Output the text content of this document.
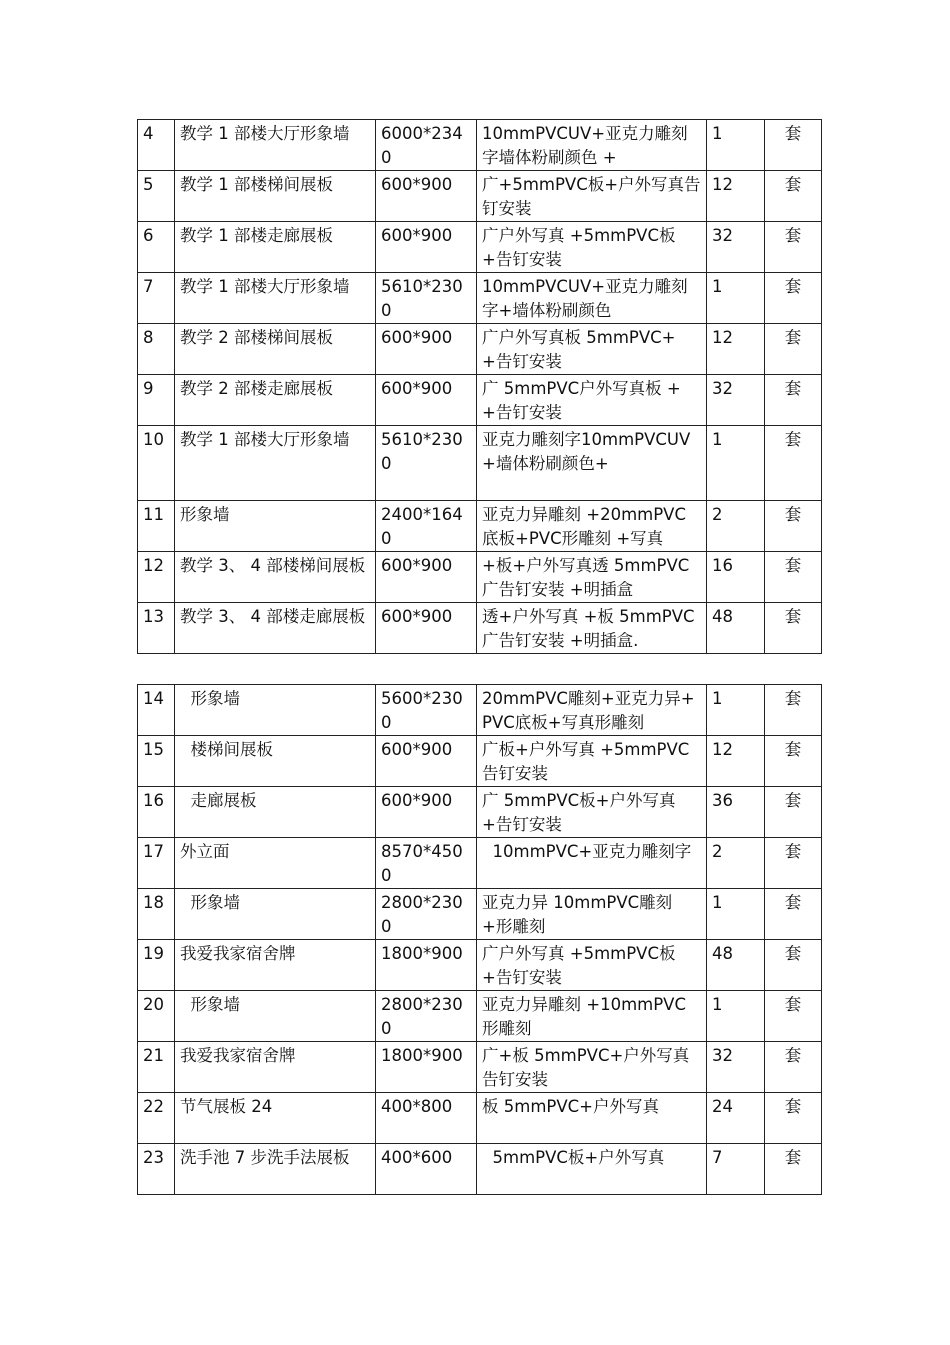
4	教学 1 部楼大厅形象墙	6000*2340	10mmPVCUV+亚克力雕刻字墙体粉刷颜色 +	1	套
5	教学 1 部楼梯间展板	600*900	广+5mmPVC板+户外写真告钉安装	12	套
6	教学 1 部楼走廊展板	600*900	广户外写真 +5mmPVC板+告钉安装	32	套
7	教学 1 部楼大厅形象墙	5610*2300	10mmPVCUV+亚克力雕刻字+墙体粉刷颜色	1	套
8	教学 2 部楼梯间展板	600*900	广户外写真板 5mmPVC++告钉安装	12	套
9	教学 2 部楼走廊展板	600*900	广 5mmPVC户外写真板 ++告钉安装	32	套
10	教学 1 部楼大厅形象墙	5610*2300	亚克力雕刻字10mmPVCUV+墙体粉刷颜色+	1	套
11	形象墙	2400*1640	亚克力异雕刻 +20mmPVC底板+PVC形雕刻 +写真	2	套
12	教学 3、 4 部楼梯间展板	600*900	+板+户外写真透 5mmPVC广告钉安装 +明插盒	16	套
13	教学 3、 4 部楼走廊展板	600*900	透+户外写真 +板 5mmPVC广告钉安装 +明插盒.	48	套
14	形象墙	5600*2300	20mmPVC雕刻+亚克力异+PVC底板+写真形雕刻	1	套
15	楼梯间展板	600*900	广板+户外写真 +5mmPVC告钉安装	12	套
16	走廊展板	600*900	广 5mmPVC板+户外写真 +告钉安装	36	套
17	外立面	8570*4500	10mmPVC+亚克力雕刻字	2	套
18	形象墙	2800*2300	亚克力异 10mmPVC雕刻+形雕刻	1	套
19	我爱我家宿舍牌	1800*900	广户外写真 +5mmPVC板+告钉安装	48	套
20	形象墙	2800*2300	亚克力异雕刻 +10mmPVC形雕刻	1	套
21	我爱我家宿舍牌	1800*900	广+板 5mmPVC+户外写真告钉安装	32	套
22	节气展板 24	400*800	板 5mmPVC+户外写真	24	套
23	洗手池 7 步洗手法展板	400*600	5mmPVC板+户外写真	7	套
